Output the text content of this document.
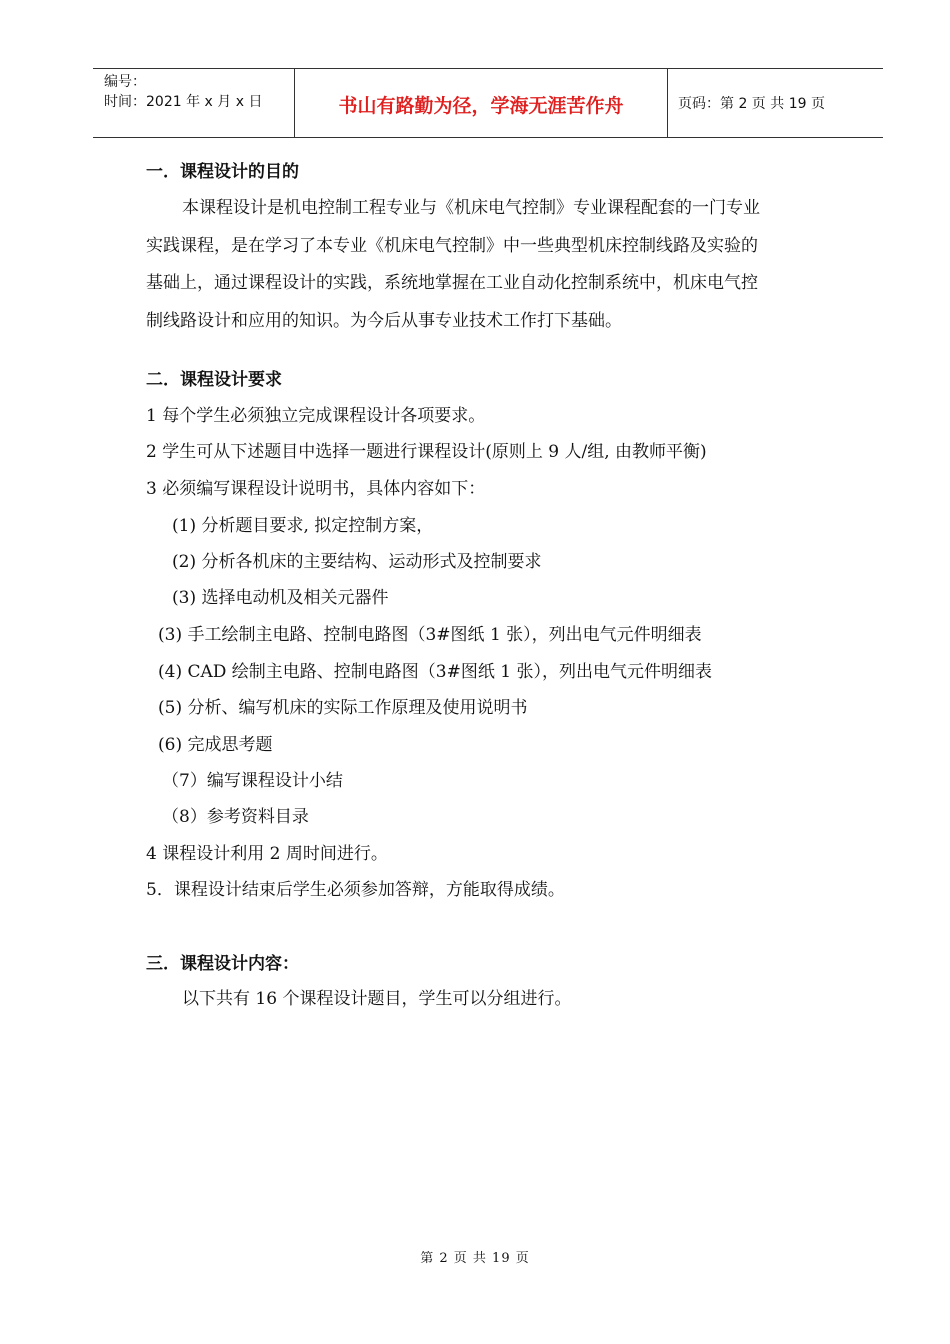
编号：
时间：2021 年 x 月 x 日	书山有路勤为径，学海无涯苦作舟	页码：第 2 页 共 19 页
一．课程设计的目的
本课程设计是机电控制工程专业与《机床电气控制》专业课程配套的一门专业
实践课程，是在学习了本专业《机床电气控制》中一些典型机床控制线路及实验的
基础上，通过课程设计的实践，系统地掌握在工业自动化控制系统中，机床电气控
制线路设计和应用的知识。为今后从事专业技术工作打下基础。
二．课程设计要求
1 每个学生必须独立完成课程设计各项要求。
2 学生可从下述题目中选择一题进行课程设计(原则上 9 人/组, 由教师平衡)
3 必须编写课程设计说明书，具体内容如下：
(1) 分析题目要求, 拟定控制方案，
(2) 分析各机床的主要结构、运动形式及控制要求
(3) 选择电动机及相关元器件
(3) 手工绘制主电路、控制电路图（3#图纸 1 张），列出电气元件明细表
(4) CAD 绘制主电路、控制电路图（3#图纸 1 张），列出电气元件明细表
(5) 分析、编写机床的实际工作原理及使用说明书
(6) 完成思考题
（7）编写课程设计小结
（8）参考资料目录
4 课程设计利用 2 周时间进行。
5．课程设计结束后学生必须参加答辩，方能取得成绩。
三．课程设计内容：
以下共有 16 个课程设计题目，学生可以分组进行。
第 2 页 共 19 页
